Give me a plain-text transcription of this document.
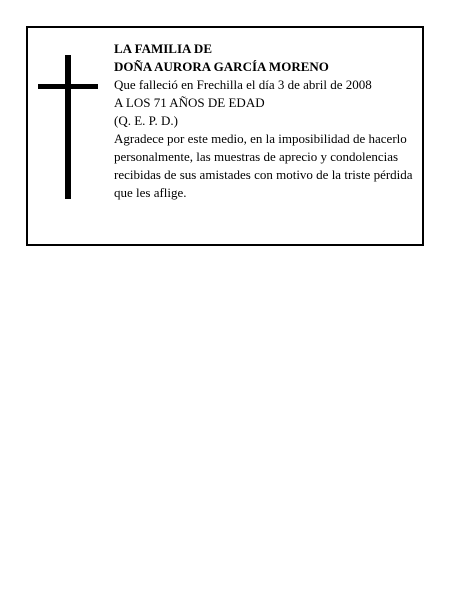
LA FAMILIA DE
DOÑA AURORA GARCÍA MORENO
Que falleció en Frechilla el día 3 de abril de 2008
A LOS 71 AÑOS DE EDAD
(Q. E. P. D.)
Agradece por este medio, en la imposibilidad de hacerlo personalmente, las muestras de aprecio y condolencias recibidas de sus amistades con motivo de la triste pérdida que les aflige.
